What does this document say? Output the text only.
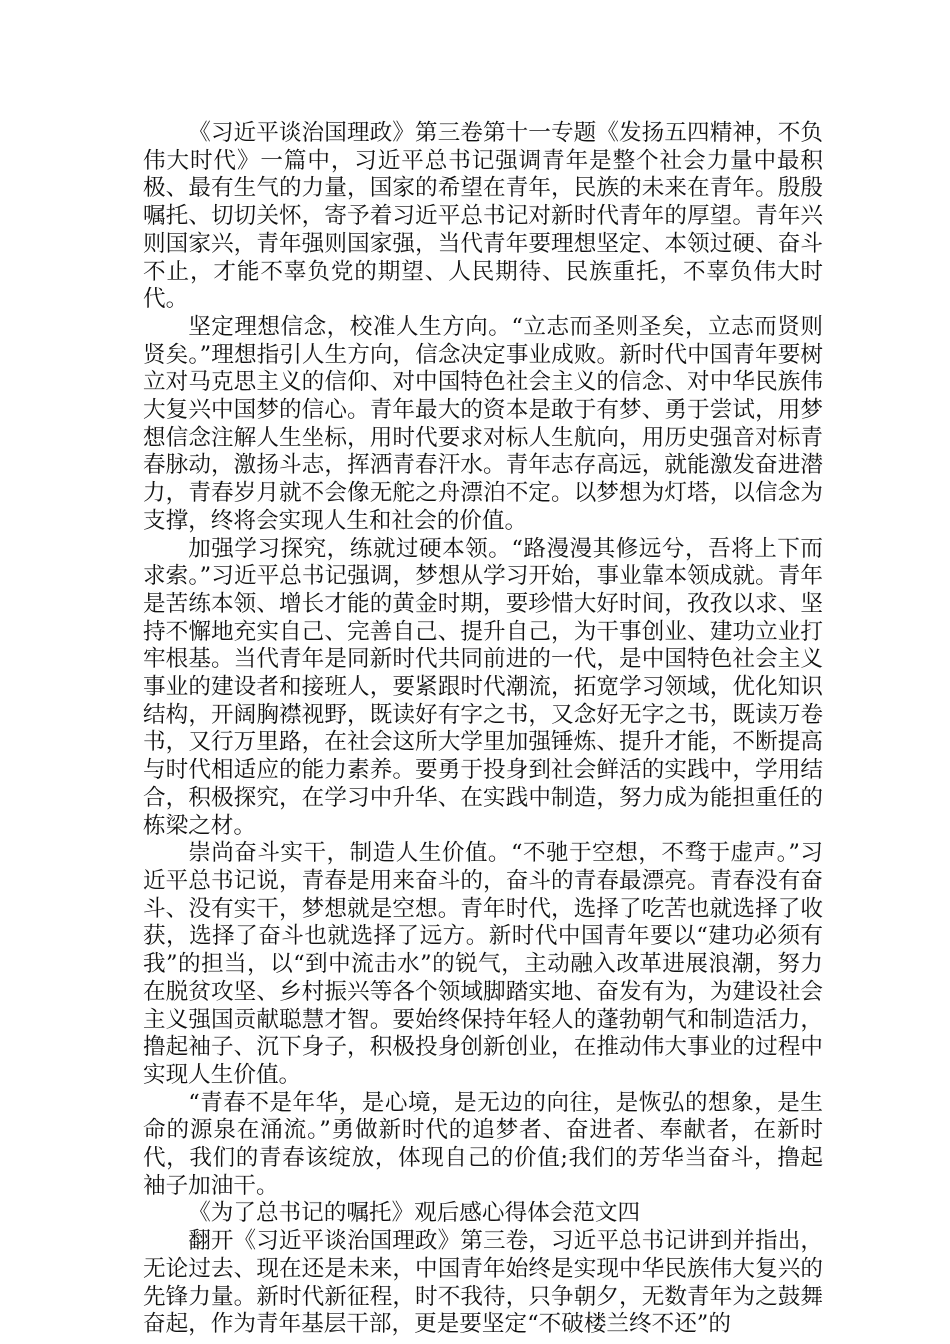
《习近平谈治国理政》第三卷第十一专题《发扬五四精神，不负伟大时代》一篇中，习近平总书记强调青年是整个社会力量中最积极、最有生气的力量，国家的希望在青年，民族的未来在青年。殷殷嘱托、切切关怀，寄予着习近平总书记对新时代青年的厚望。青年兴则国家兴，青年强则国家强，当代青年要理想坚定、本领过硬、奋斗不止，才能不辜负党的期望、人民期待、民族重托，不辜负伟大时代。

坚定理想信念，校准人生方向。“立志而圣则圣矣，立志而贤则贤矣。”理想指引人生方向，信念决定事业成败。新时代中国青年要树立对马克思主义的信仰、对中国特色社会主义的信念、对中华民族伟大复兴中国梦的信心。青年最大的资本是敢于有梦、勇于尝试，用梦想信念注解人生坐标，用时代要求对标人生航向，用历史强音对标青春脉动，激扬斗志，挥洒青春汗水。青年志存高远，就能激发奋进潜力，青春岁月就不会像无舵之舟漂泊不定。以梦想为灯塔，以信念为支撑，终将会实现人生和社会的价值。

加强学习探究，练就过硬本领。“路漫漫其修远兮，吾将上下而求索。”习近平总书记强调，梦想从学习开始，事业靠本领成就。青年是苦练本领、增长才能的黄金时期，要珍惜大好时间，孜孜以求、坚持不懈地充实自己、完善自己、提升自己，为干事创业、建功立业打牢根基。当代青年是同新时代共同前进的一代，是中国特色社会主义事业的建设者和接班人，要紧跟时代潮流，拓宽学习领域，优化知识结构，开阔胸襟视野，既读好有字之书，又念好无字之书，既读万卷书，又行万里路，在社会这所大学里加强锤炼、提升才能，不断提高与时代相适应的能力素养。要勇于投身到社会鲜活的实践中，学用结合，积极探究，在学习中升华、在实践中制造，努力成为能担重任的栋梁之材。

崇尚奋斗实干，制造人生价值。“不驰于空想，不骛于虚声。”习近平总书记说，青春是用来奋斗的，奋斗的青春最漂亮。青春没有奋斗、没有实干，梦想就是空想。青年时代，选择了吃苦也就选择了收获，选择了奋斗也就选择了远方。新时代中国青年要以“建功必须有我”的担当，以“到中流击水”的锐气，主动融入改革进展浪潮，努力在脱贫攻坚、乡村振兴等各个领域脚踏实地、奋发有为，为建设社会主义强国贡献聪慧才智。要始终保持年轻人的蓬勃朝气和制造活力，撸起袖子、沉下身子，积极投身创新创业，在推动伟大事业的过程中实现人生价值。

“青春不是年华，是心境，是无边的向往，是恢弘的想象，是生命的源泉在涌流。”勇做新时代的追梦者、奋进者、奉献者，在新时代，我们的青春该绽放，体现自己的价值;我们的芳华当奋斗，撸起袖子加油干。

《为了总书记的嘱托》观后感心得体会范文四

翻开《习近平谈治国理政》第三卷，习近平总书记讲到并指出，无论过去、现在还是未来，中国青年始终是实现中华民族伟大复兴的先锋力量。新时代新征程，时不我待，只争朝夕，无数青年为之鼓舞奋起，作为青年基层干部，更是要坚定“不破楼兰终不还”的
